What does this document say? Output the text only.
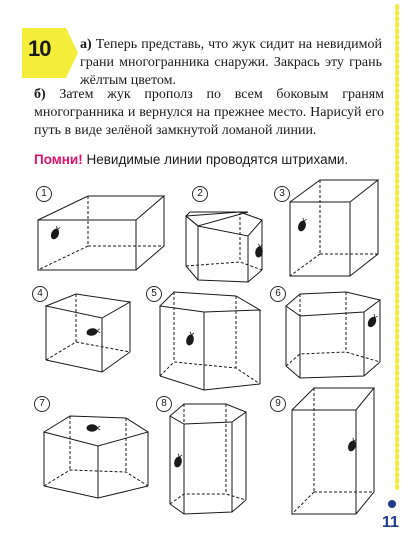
10 а) Теперь представь, что жук сидит на невидимой грани многогранника снаружи. Закрась эту грань жёлтым цветом.
б) Затем жук прополз по всем боковым граням многогранника и вернулся на прежнее место. Нарисуй его путь в виде зелёной замкнутой ломаной линии.
Помни! Невидимые линии проводятся штрихами.
1	2	3
4	5	6
7	8	9
11
